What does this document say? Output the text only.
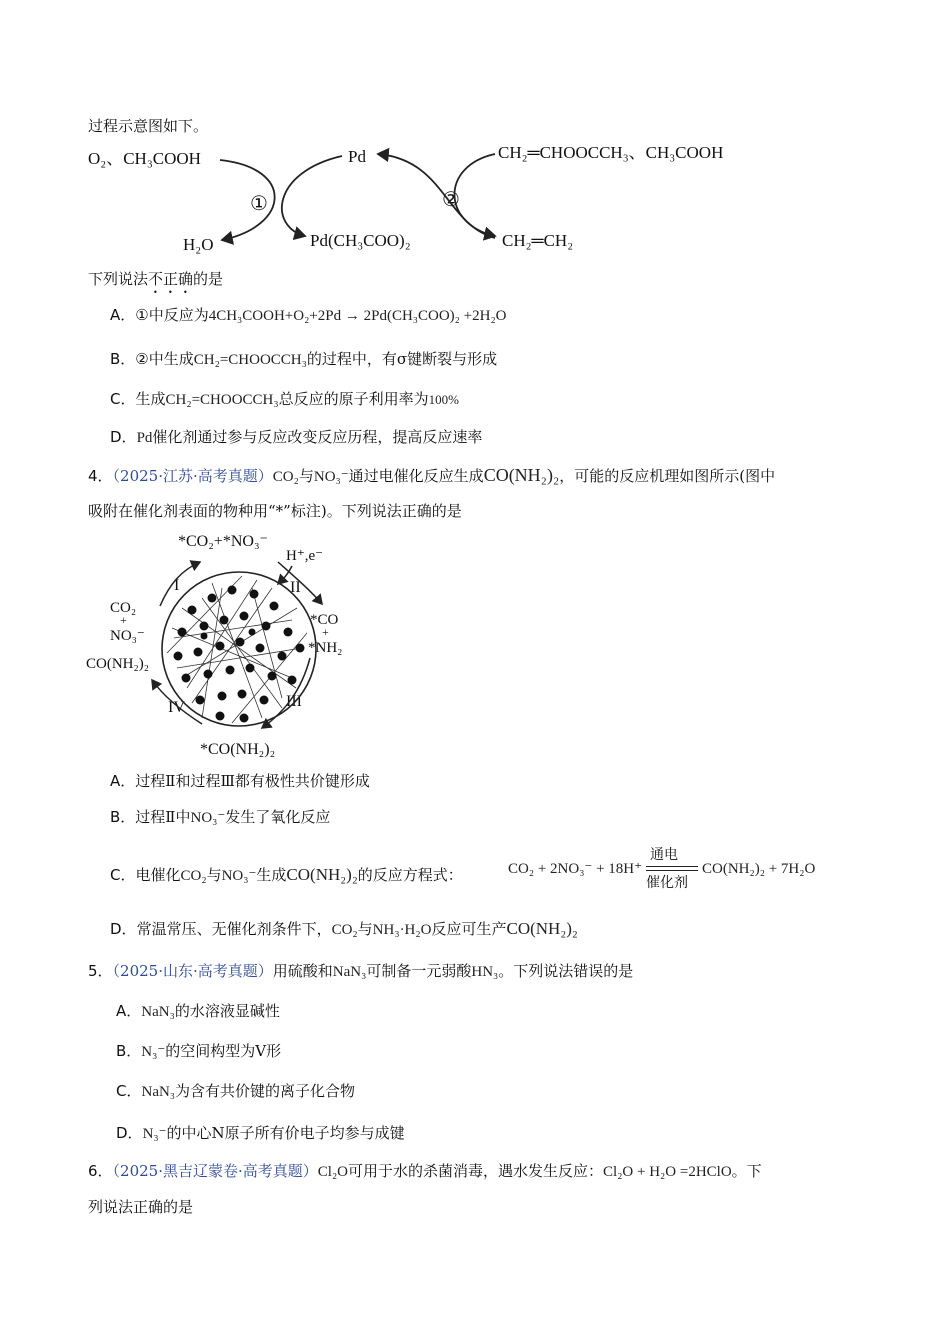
过程示意图如下。
O₂、CH₃COOH	Pd
H₂O	Pd(CH₃COO)₂
CH₂═CHOOCCH₃、CH₃COOH
CH₂═CH₂
①	②
下列说法不正确的是
A．①中反应为4CH₃COOH+O₂+2Pd → 2Pd(CH₃COO)₂ +2H₂O
B．②中生成CH₂=CHOOCCH₃的过程中，有σ键断裂与形成
C．生成CH₂=CHOOCCH₃总反应的原子利用率为100%
D．Pd催化剂通过参与反应改变反应历程，提高反应速率
4．（2025·江苏·高考真题）CO₂与NO₃⁻通过电催化反应生成CO(NH₂)₂，可能的反应机理如图所示(图中
吸附在催化剂表面的物种用“*”标注)。下列说法正确的是
*CO₂+*NO₃⁻
H⁺,e⁻
I	II
III
IV
CO₂
+
NO₃⁻
CO(NH₂)₂
*CO
+
*NH₂
*CO(NH₂)₂
A．过程Ⅱ和过程Ⅲ都有极性共价键形成
B．过程Ⅱ中NO₃⁻发生了氧化反应
C．电催化CO₂与NO₃⁻生成CO(NH₂)₂的反应方程式：	CO₂ + 2NO₃⁻ + 18H⁺
通电
催化剂
CO(NH₂)₂ + 7H₂O
D．常温常压、无催化剂条件下，CO₂与NH₃·H₂O反应可生产CO(NH₂)₂
5．（2025·山东·高考真题）用硫酸和NaN₃可制备一元弱酸HN₃。下列说法错误的是
A．NaN₃的水溶液显碱性
B．N₃⁻的空间构型为V形
C．NaN₃为含有共价键的离子化合物
D．N₃⁻的中心N原子所有价电子均参与成键
6．（2025·黑吉辽蒙卷·高考真题）Cl₂O可用于水的杀菌消毒，遇水发生反应：Cl₂O + H₂O =2HClO。下
列说法正确的是
